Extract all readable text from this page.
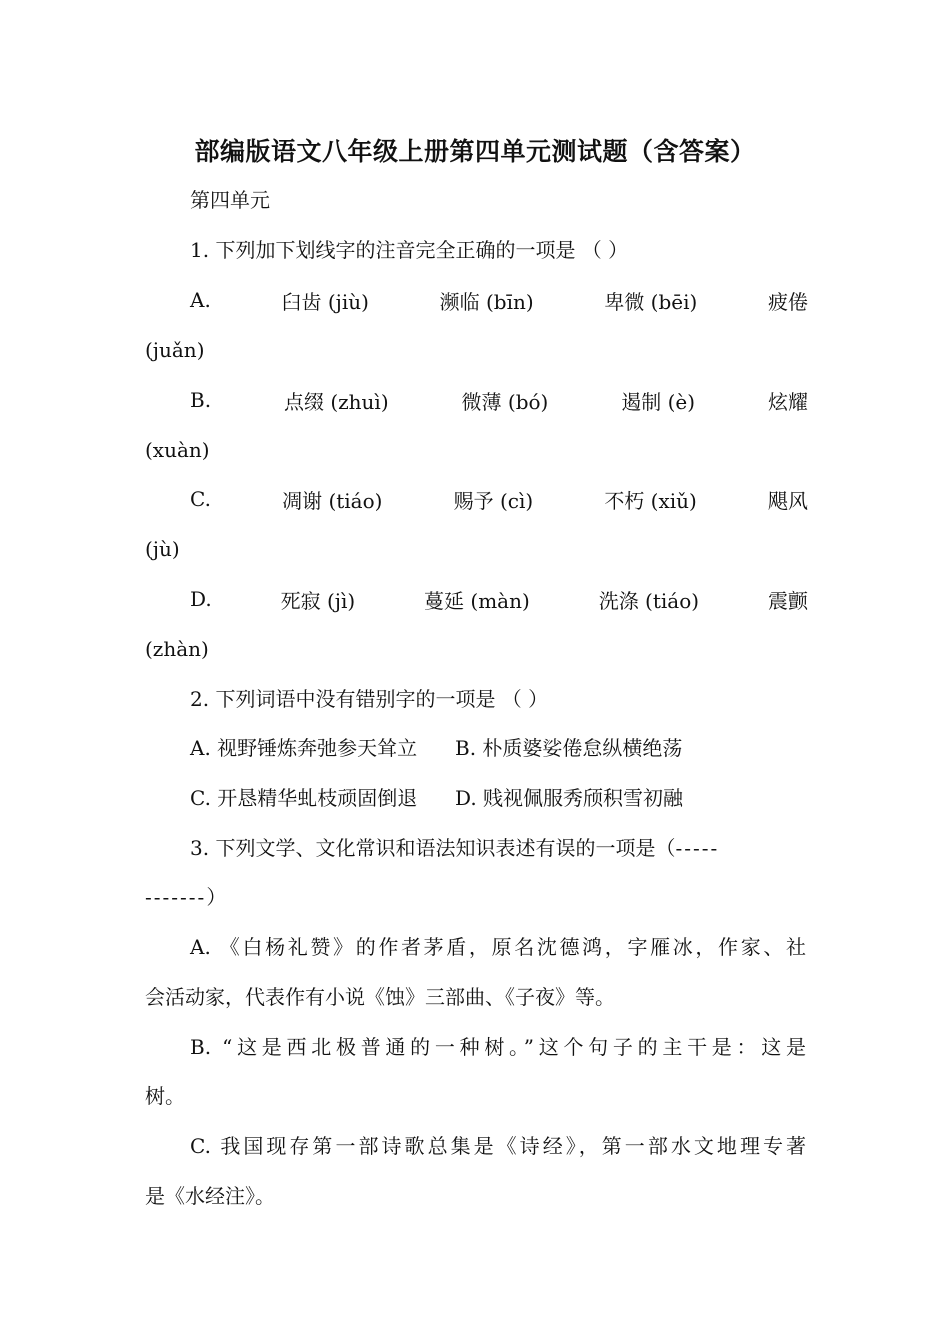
部编版语文八年级上册第四单元测试题（含答案）
第四单元
1. 下列加下划线字的注音完全正确的一项是 （ ）
A.	臼齿 (jiù)	濒临 (bīn)	卑微 (bēi)	疲倦
(juǎn)
B.	点缀 (zhuì)	微薄 (bó)	遏制 (è)	炫耀
(xuàn)
C.	凋谢 (tiáo)	赐予 (cì)	不朽 (xiǔ)	飓风
(jù)
D.	死寂 (jì)	蔓延 (màn)	洗涤 (tiáo)	震颤
(zhàn)
2. 下列词语中没有错别字的一项是 （ ）
A. 视野锤炼奔弛参天耸立 B. 朴质婆娑倦怠纵横绝荡
C. 开恳精华虬枝顽固倒退 D. 贱视佩服秀颀积雪初融
3. 下列文学、文化常识和语法知识表述有误的一项是（-----
-------）
A. 《白杨礼赞》的作者茅盾，原名沈德鸿，字雁冰，作家、社
会活动家，代表作有小说《蚀》三部曲、《子夜》等。
B. “这是西北极普通的一种树。”这个句子的主干是：这是
树。
C. 我国现存第一部诗歌总集是《诗经》，第一部水文地理专著
是《水经注》。
